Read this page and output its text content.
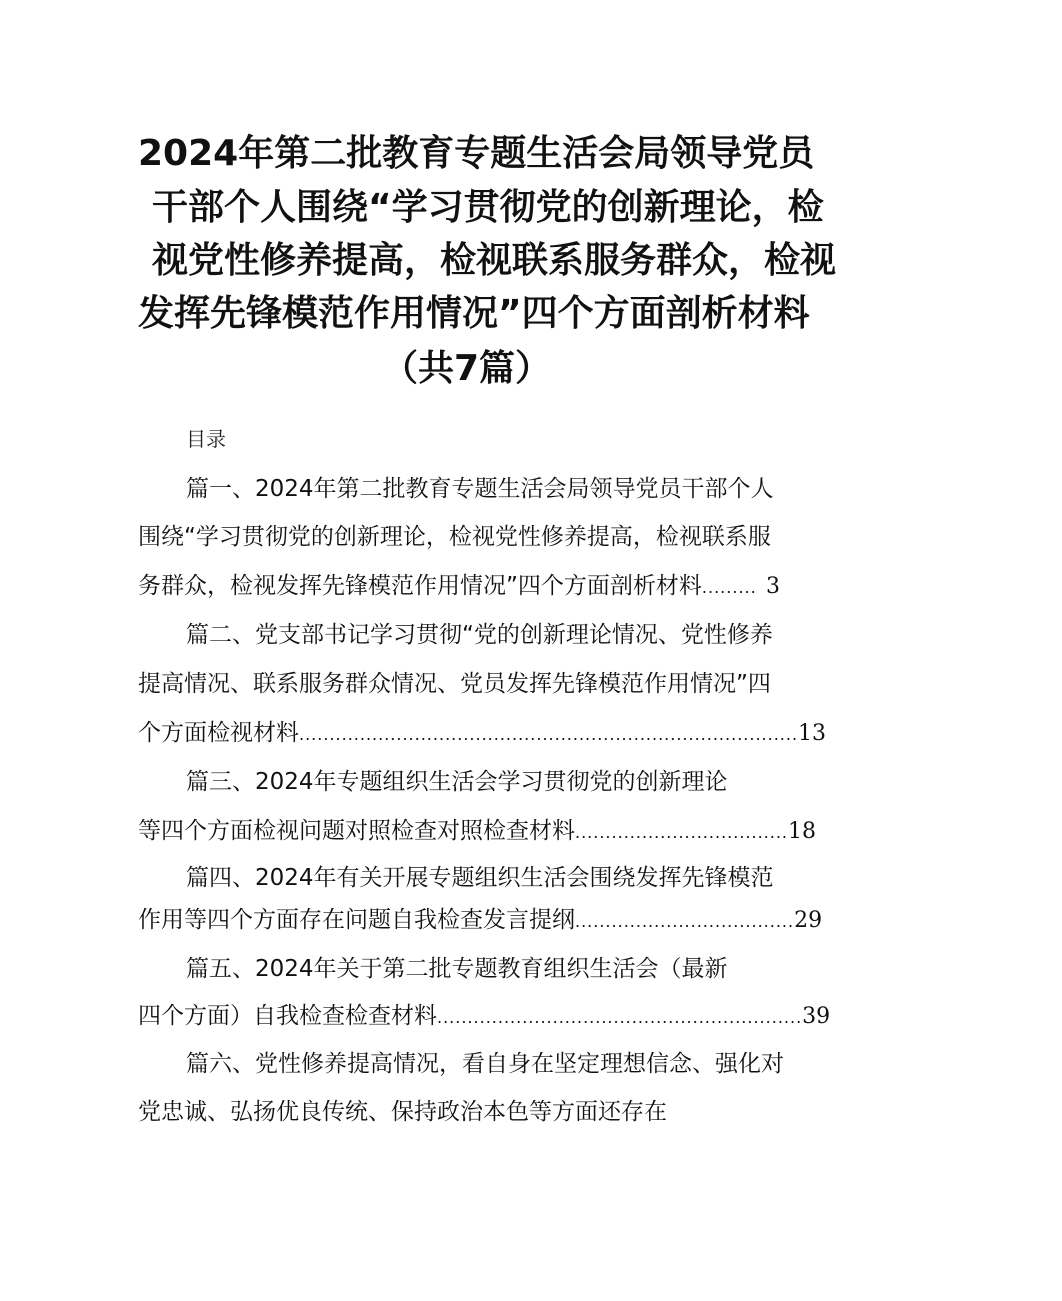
2024年第二批教育专题生活会局领导党员
干部个人围绕“学习贯彻党的创新理论，检
视党性修养提高，检视联系服务群众，检视
发挥先锋模范作用情况”四个方面剖析材料
（共7篇）
目录
篇一、2024年第二批教育专题生活会局领导党员干部个人
围绕“学习贯彻党的创新理论，检视党性修养提高，检视联系服
务群众，检视发挥先锋模范作用情况”四个方面剖析材料 ......... 3
篇二、党支部书记学习贯彻“党的创新理论情况、党性修养
提高情况、联系服务群众情况、党员发挥先锋模范作用情况”四
个方面检视材料 .................................................................................. 13
篇三、2024年专题组织生活会学习贯彻党的创新理论
等四个方面检视问题对照检查对照检查材料 ................................... 18
篇四、2024年有关开展专题组织生活会围绕发挥先锋模范
作用等四个方面存在问题自我检查发言提纲 .................................... 29
篇五、2024年关于第二批专题教育组织生活会（最新
四个方面）自我检查检查材料 ............................................................ 39
篇六、党性修养提高情况，看自身在坚定理想信念、强化对
党忠诚、弘扬优良传统、保持政治本色等方面还存在
